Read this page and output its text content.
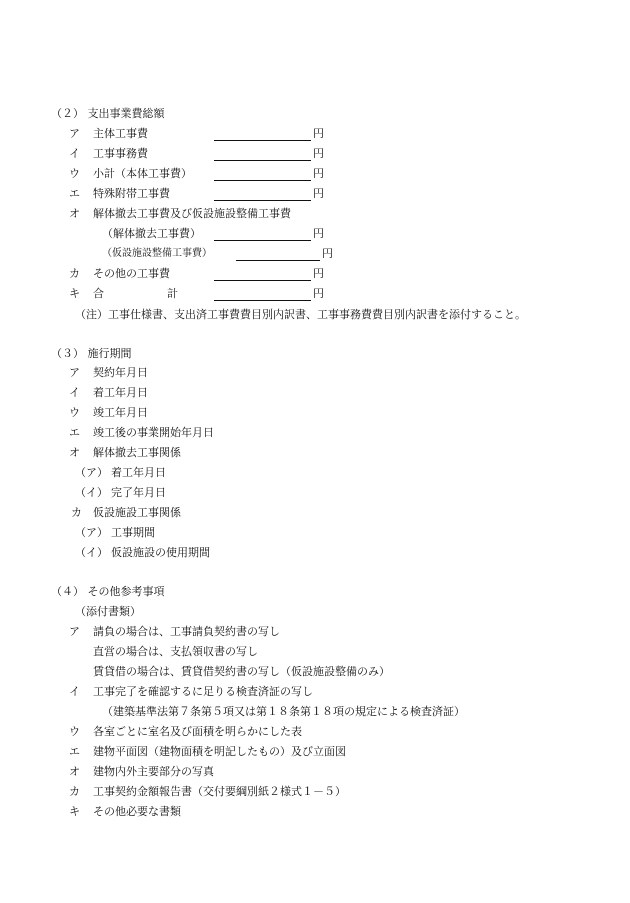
（２） 支出事業費総額
ア 主体工事費	円
イ 工事事務費	円
ウ 小計（本体工事費）	円
エ 特殊附帯工事費	円
オ 解体撤去工事費及び仮設施設整備工事費
（解体撤去工事費）	円
（仮設施設整備工事費）	円
カ その他の工事費	円
キ 合	計	円
（注）工事仕様書、支出済工事費費目別内訳書、工事事務費費目別内訳書を添付すること。
（３） 施行期間
ア 契約年月日
イ 着工年月日
ウ 竣工年月日
エ 竣工後の事業開始年月日
オ 解体撤去工事関係
（ア） 着工年月日
（イ） 完了年月日
カ 仮設施設工事関係
（ア） 工事期間
（イ） 仮設施設の使用期間
（４） その他参考事項
（添付書類）
ア 請負の場合は、工事請負契約書の写し
直営の場合は、支払領収書の写し
賃貸借の場合は、賃貸借契約書の写し（仮設施設整備のみ）
イ 工事完了を確認するに足りる検査済証の写し
（建築基準法第７条第５項又は第１８条第１８項の規定による検査済証）
ウ 各室ごとに室名及び面積を明らかにした表
エ 建物平面図（建物面積を明記したもの）及び立面図
オ 建物内外主要部分の写真
カ 工事契約金額報告書（交付要綱別紙２様式１－５）
キ その他必要な書類
